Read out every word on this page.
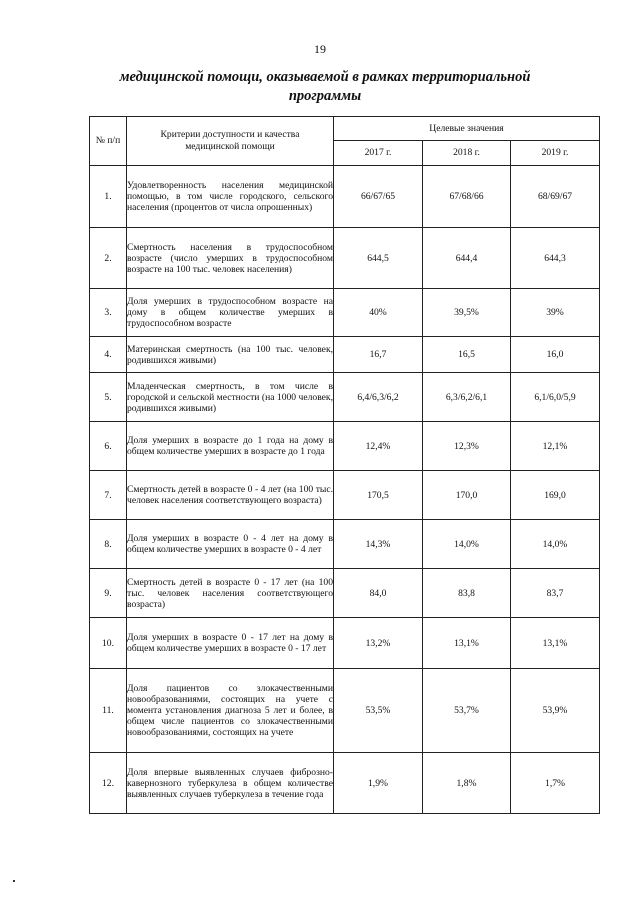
19
медицинской помощи, оказываемой в рамках территориальной
программы
№ п/п	Критерии доступности и качества медицинской помощи	Целевые значения		
		2017 г.	2018 г.	2019 г.
1.	Удовлетворенность населения медицинской помощью, в том числе городского, сельского населения (процентов от числа опрошенных)	66/67/65	67/68/66	68/69/67
2.	Смертность населения в трудоспособном возрасте (число умерших в трудоспособном возрасте на 100 тыс. человек населения)	644,5	644,4	644,3
3.	Доля умерших в трудоспособном возрасте на дому в общем количестве умерших в трудоспособном возрасте	40%	39,5%	39%
4.	Материнская смертность (на 100 тыс. человек, родившихся живыми)	16,7	16,5	16,0
5.	Младенческая смертность, в том числе в городской и сельской местности (на 1000 человек, родившихся живыми)	6,4/6,3/6,2	6,3/6,2/6,1	6,1/6,0/5,9
6.	Доля умерших в возрасте до 1 года на дому в общем количестве умерших в возрасте до 1 года	12,4%	12,3%	12,1%
7.	Смертность детей в возрасте 0 - 4 лет (на 100 тыс. человек населения соответствующего возраста)	170,5	170,0	169,0
8.	Доля умерших в возрасте 0 - 4 лет на дому в общем количестве умерших в возрасте 0 - 4 лет	14,3%	14,0%	14,0%
9.	Смертность детей в возрасте 0 - 17 лет (на 100 тыс. человек населения соответствующего возраста)	84,0	83,8	83,7
10.	Доля умерших в возрасте 0 - 17 лет на дому в общем количестве умерших в возрасте 0 - 17 лет	13,2%	13,1%	13,1%
11.	Доля пациентов со злокачественными новообразованиями, состоящих на учете с момента установления диагноза 5 лет и более, в общем числе пациентов со злокачественными новообразованиями, состоящих на учете	53,5%	53,7%	53,9%
12.	Доля впервые выявленных случаев фиброзно-кавернозного туберкулеза в общем количестве выявленных случаев туберкулеза в течение года	1,9%	1,8%	1,7%
